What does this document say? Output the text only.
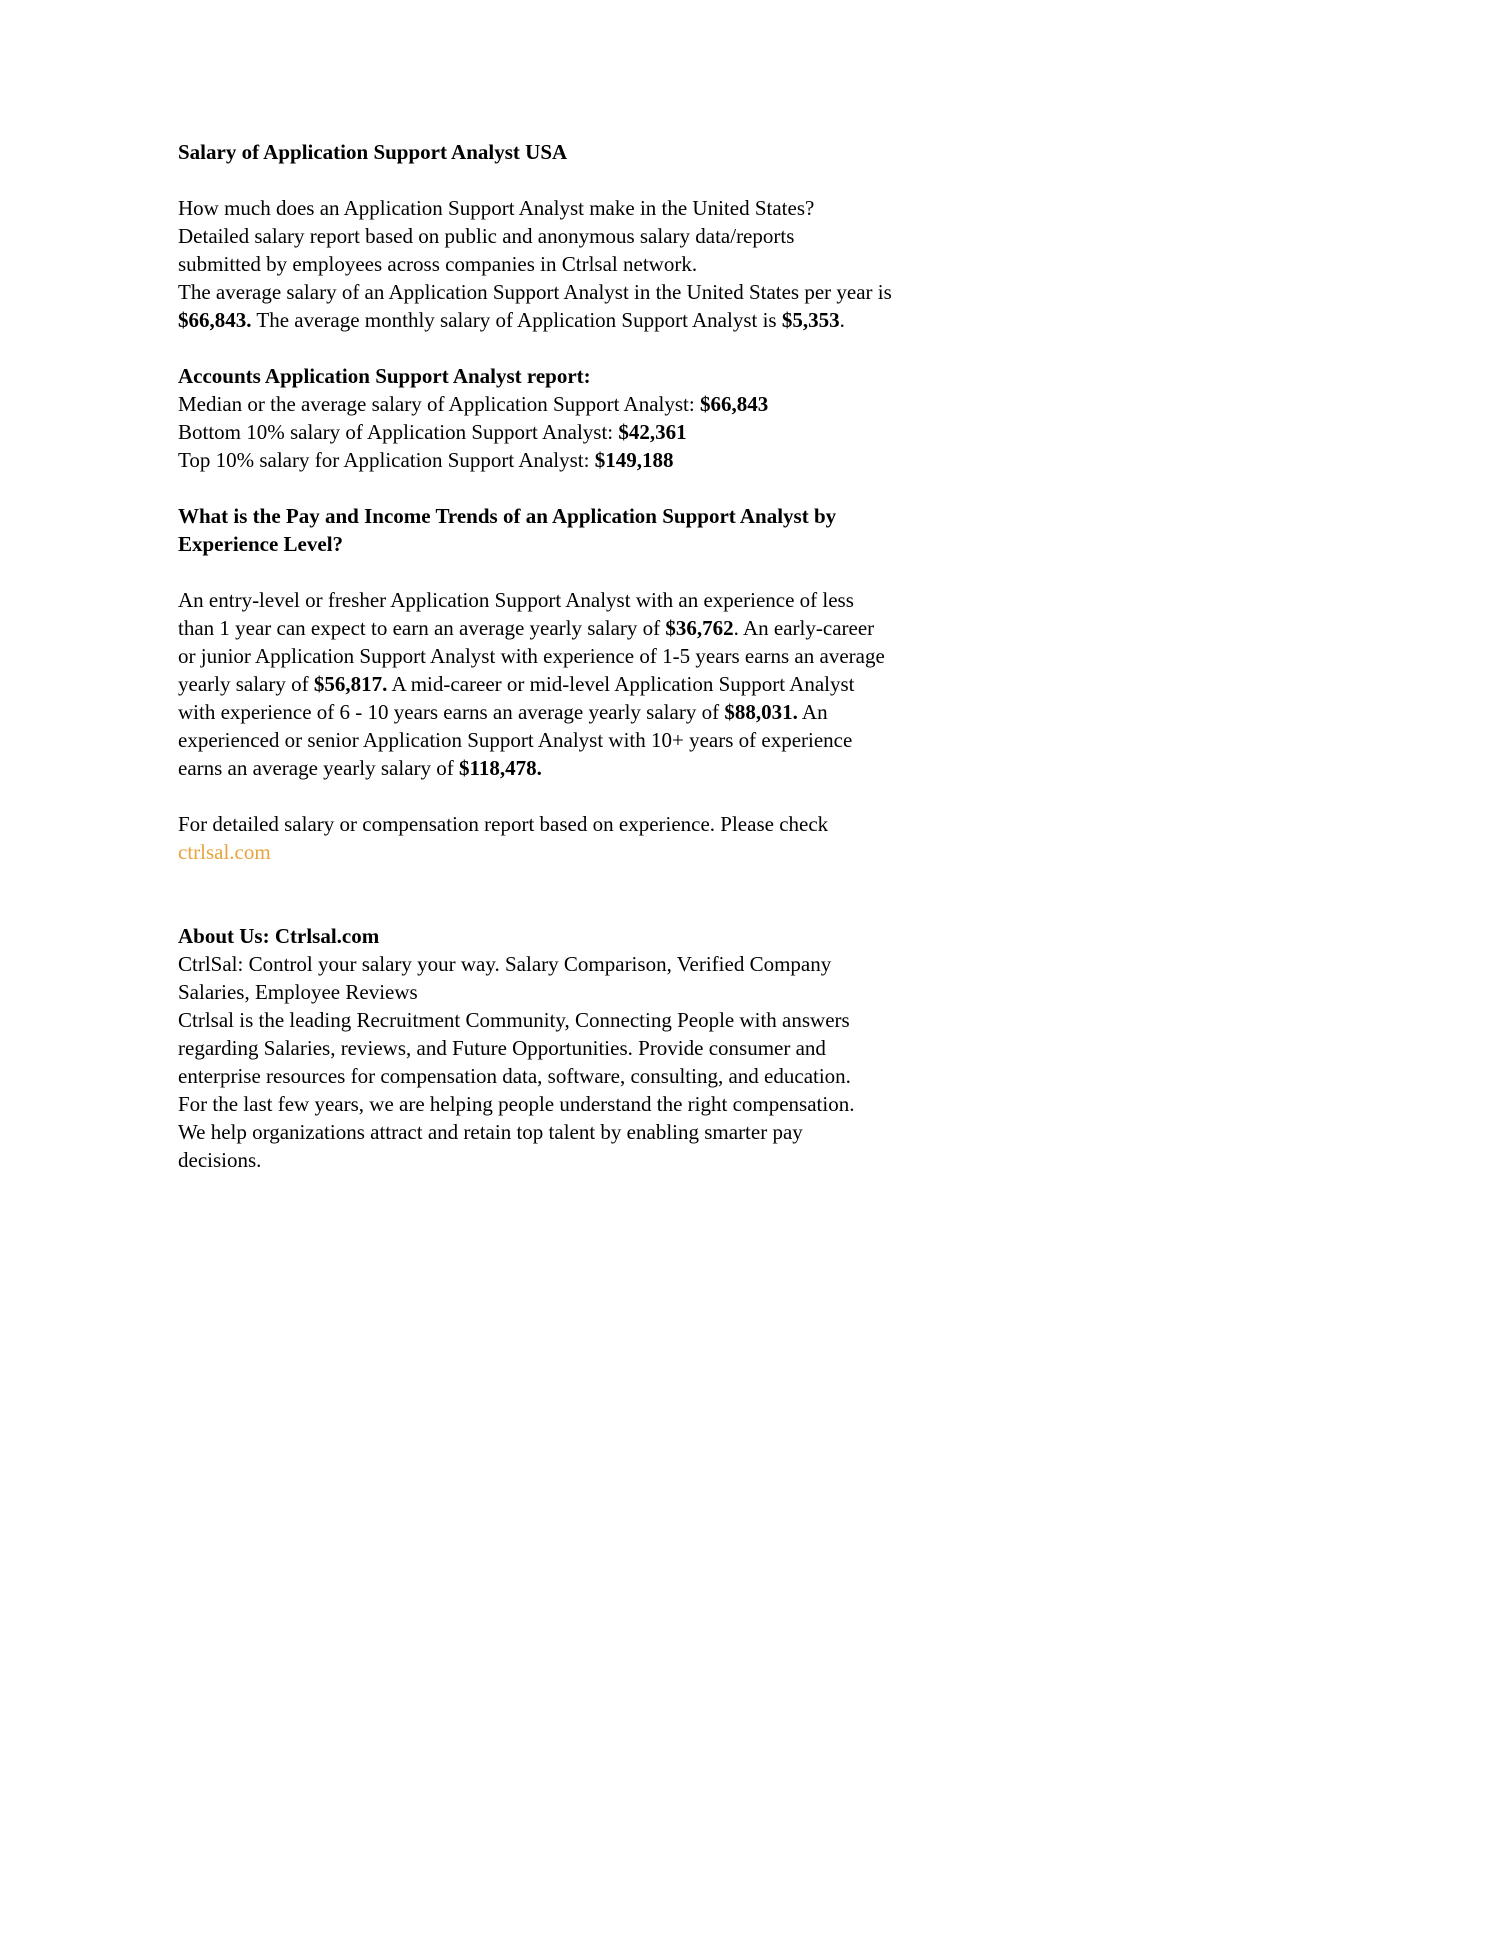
Salary of Application Support Analyst USA

How much does an Application Support Analyst make in the United States?
Detailed salary report based on public and anonymous salary data/reports
submitted by employees across companies in Ctrlsal network.
The average salary of an Application Support Analyst in the United States per year is
$66,843. The average monthly salary of Application Support Analyst is $5,353.

Accounts Application Support Analyst report:
Median or the average salary of Application Support Analyst: $66,843
Bottom 10% salary of Application Support Analyst: $42,361
Top 10% salary for Application Support Analyst: $149,188

What is the Pay and Income Trends of an Application Support Analyst by
Experience Level?

An entry-level or fresher Application Support Analyst with an experience of less
than 1 year can expect to earn an average yearly salary of $36,762. An early-career
or junior Application Support Analyst with experience of 1-5 years earns an average
yearly salary of $56,817. A mid-career or mid-level Application Support Analyst
with experience of 6 - 10 years earns an average yearly salary of $88,031. An
experienced or senior Application Support Analyst with 10+ years of experience
earns an average yearly salary of $118,478.

For detailed salary or compensation report based on experience. Please check
ctrlsal.com

About Us: Ctrlsal.com
CtrlSal: Control your salary your way. Salary Comparison, Verified Company
Salaries, Employee Reviews
Ctrlsal is the leading Recruitment Community, Connecting People with answers
regarding Salaries, reviews, and Future Opportunities. Provide consumer and
enterprise resources for compensation data, software, consulting, and education.
For the last few years, we are helping people understand the right compensation.
We help organizations attract and retain top talent by enabling smarter pay
decisions.
